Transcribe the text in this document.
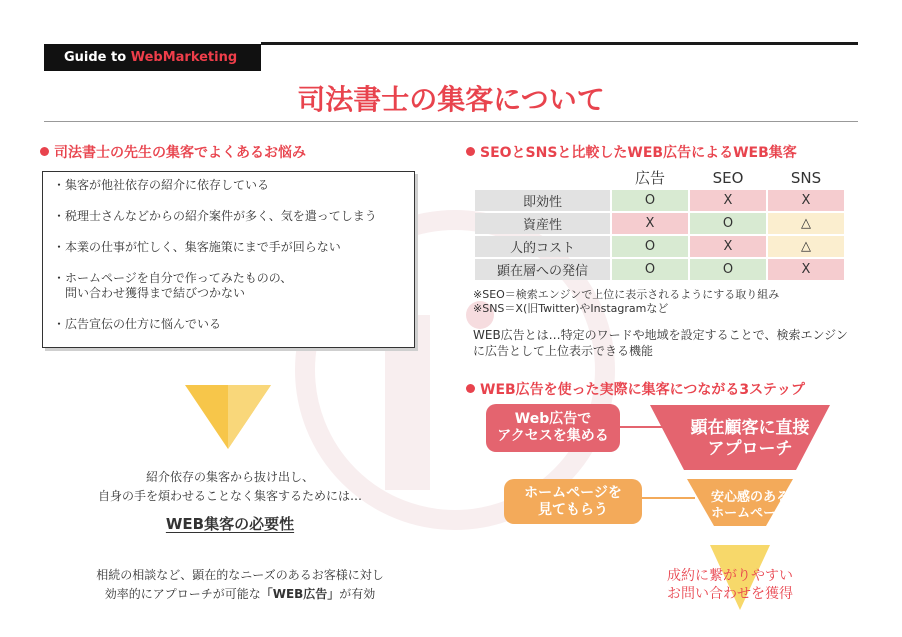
Guide to WebMarketing
司法書士の集客について
司法書士の先生の集客でよくあるお悩み
・集客が他社依存の紹介に依存している
・税理士さんなどからの紹介案件が多く、気を遣ってしまう
・本業の仕事が忙しく、集客施策にまで手が回らない
・ホームページを自分で作ってみたものの、
　問い合わせ獲得まで結びつかない
・広告宣伝の仕方に悩んでいる
紹介依存の集客から抜け出し、
自身の手を煩わせることなく集客するためには…
WEB集客の必要性
相続の相談など、顕在的なニーズのあるお客様に対し
効率的にアプローチが可能な「WEB広告」が有効
SEOとSNSと比較したWEB広告によるWEB集客
	広告	SEO	SNS
即効性	O	X	X
資産性	X	O	△
人的コスト	O	X	△
顕在層への発信	O	O	X
※SEO＝検索エンジンで上位に表示されるようにする取り組み
※SNS＝X(旧Twitter)やInstagramなど
WEB広告とは…特定のワードや地域を設定することで、検索エンジンに広告として上位表示できる機能
WEB広告を使った実際に集客につながる3ステップ
Web広告で
アクセスを集める	顕在顧客に直接
アプローチ
ホームページを
見てもらう
安心感のある
ホームページ
成約に繋がりやすい
お問い合わせを獲得
